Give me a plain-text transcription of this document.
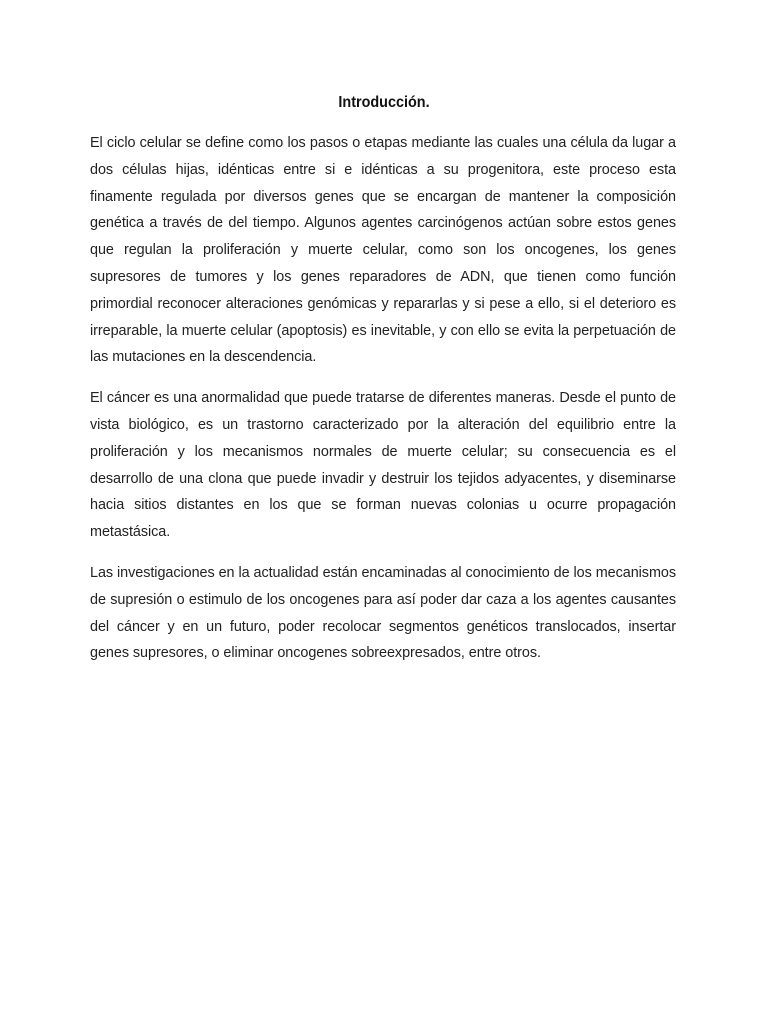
Introducción.

El ciclo celular se define como los pasos o etapas mediante las cuales una célula da lugar a dos células hijas, idénticas entre si e idénticas a su progenitora, este proceso esta finamente regulada por diversos genes que se encargan de mantener la composición genética a través de del tiempo. Algunos agentes carcinógenos actúan sobre estos genes que regulan la proliferación y muerte celular, como son los oncogenes, los genes supresores de tumores y los genes reparadores de ADN, que tienen como función primordial reconocer alteraciones genómicas y repararlas y si pese a ello, si el deterioro es irreparable, la muerte celular (apoptosis) es inevitable, y con ello se evita la perpetuación de las mutaciones en la descendencia.

El cáncer es una anormalidad que puede tratarse de diferentes maneras. Desde el punto de vista biológico, es un trastorno caracterizado por la alteración del equilibrio entre la proliferación y los mecanismos normales de muerte celular; su consecuencia es el desarrollo de una clona que puede invadir y destruir los tejidos adyacentes, y diseminarse hacia sitios distantes en los que se forman nuevas colonias u ocurre propagación metastásica.

Las investigaciones en la actualidad están encaminadas al conocimiento de los mecanismos de supresión o estimulo de los oncogenes para así poder dar caza a los agentes causantes del cáncer y en un futuro, poder recolocar segmentos genéticos translocados, insertar genes supresores, o eliminar oncogenes sobreexpresados, entre otros.
